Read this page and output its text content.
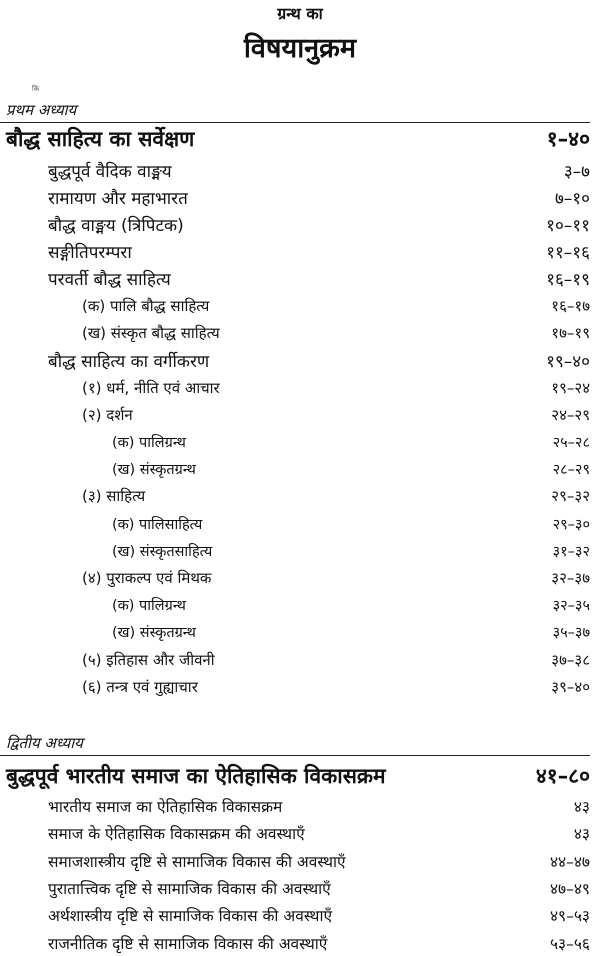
ग्रन्थ का
विषयानुक्रम
कि
प्रथम अध्याय
बौद्ध साहित्य का सर्वेक्षण	१–४०
बुद्धपूर्व वैदिक वाङ्मय	३–७
रामायण और महाभारत	७–१०
बौद्ध वाङ्मय (त्रिपिटक)	१०–११
सङ्गीतिपरम्परा	११–१६
परवर्ती बौद्ध साहित्य	१६–१९
(क) पालि बौद्ध साहित्य	१६–१७
(ख) संस्कृत बौद्ध साहित्य	१७–१९
बौद्ध साहित्य का वर्गीकरण	१९–४०
(१) धर्म, नीति एवं आचार	१९–२४
(२) दर्शन	२४–२९
(क) पालिग्रन्थ	२५–२८
(ख) संस्कृतग्रन्थ	२८–२९
(३) साहित्य	२९–३२
(क) पालिसाहित्य	२९–३०
(ख) संस्कृतसाहित्य	३१–३२
(४) पुराकल्प एवं मिथक	३२–३७
(क) पालिग्रन्थ	३२–३५
(ख) संस्कृतग्रन्थ	३५–३७
(५) इतिहास और जीवनी	३७–३८
(६) तन्त्र एवं गुह्याचार	३९–४०
द्वितीय अध्याय
बुद्धपूर्व भारतीय समाज का ऐतिहासिक विकासक्रम	४१–८०
भारतीय समाज का ऐतिहासिक विकासक्रम	४३
समाज के ऐतिहासिक विकासक्रम की अवस्थाएँ	४३
समाजशास्त्रीय दृष्टि से सामाजिक विकास की अवस्थाएँ	४४–४७
पुरातात्त्विक दृष्टि से सामाजिक विकास की अवस्थाएँ	४७–४९
अर्थशास्त्रीय दृष्टि से सामाजिक विकास की अवस्थाएँ	४९–५३
राजनीतिक दृष्टि से सामाजिक विकास की अवस्थाएँ	५३–५६
